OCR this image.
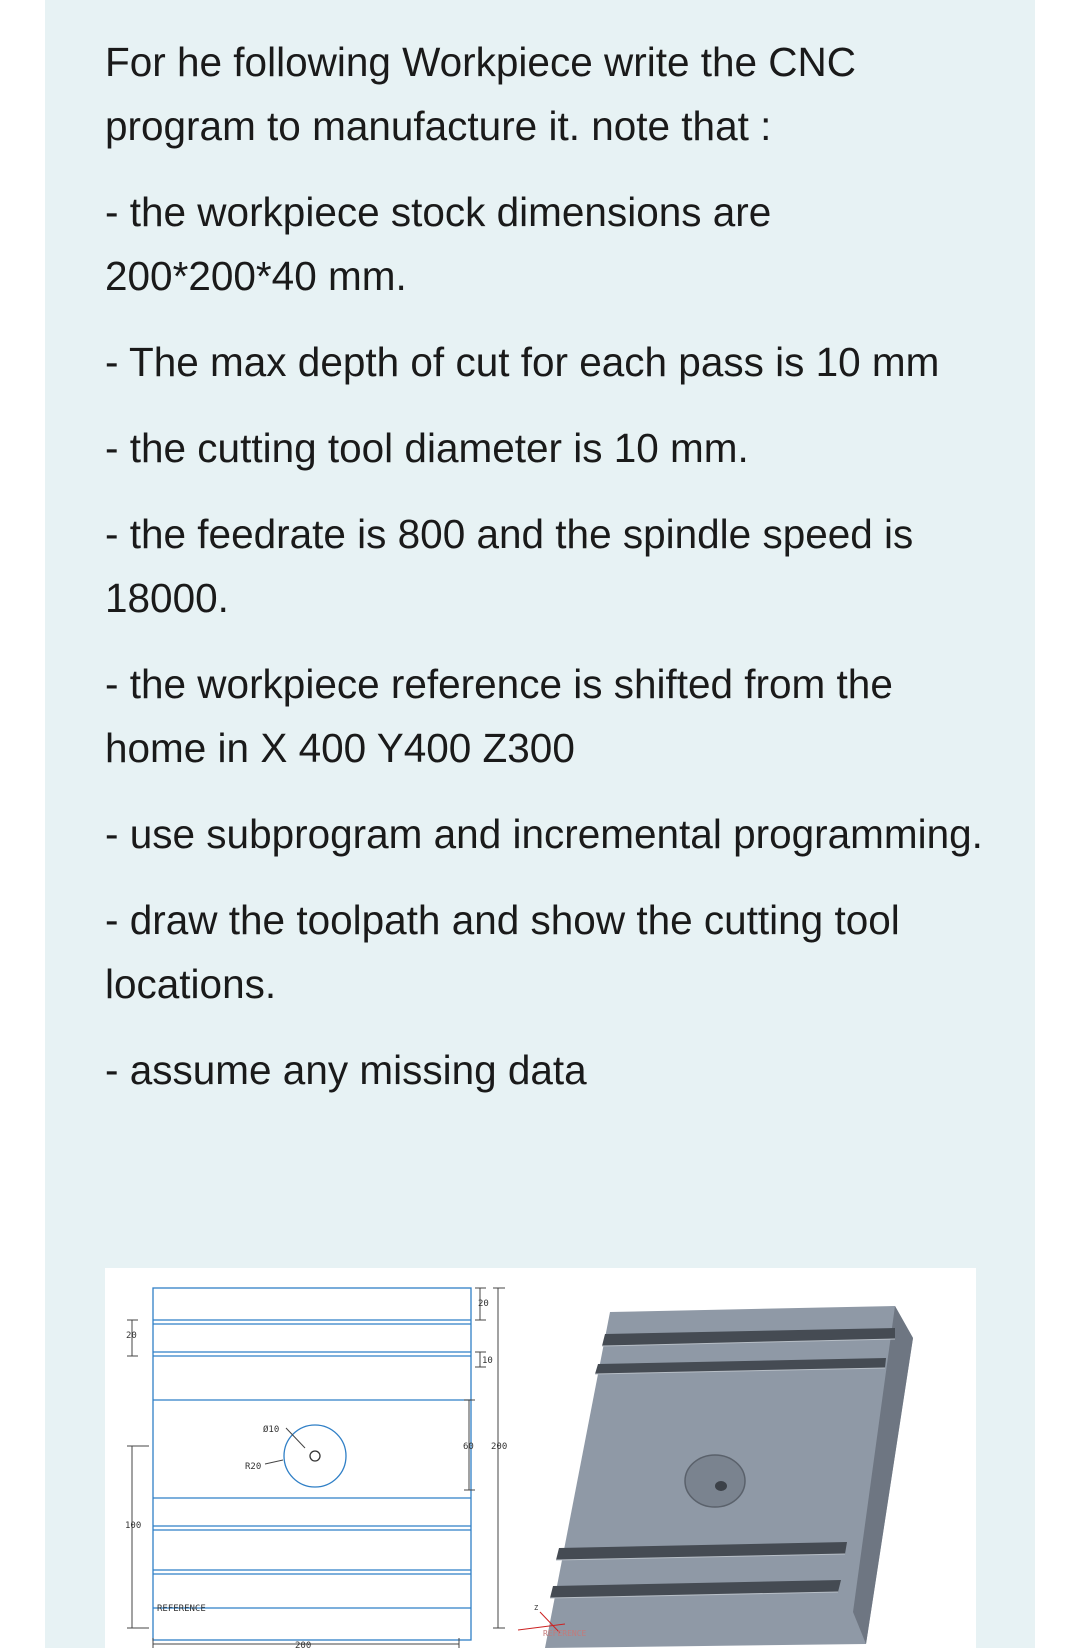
For he following Workpiece write the CNC program to manufacture it. note that :

- the workpiece stock dimensions are 200*200*40 mm.

- The max depth of cut for each pass is 10 mm

- the cutting tool diameter is 10 mm.

- the feedrate is 800 and the spindle speed is 18000.

- the workpiece reference is shifted from the home in X 400 Y400 Z300

- use subprogram and incremental programming.

- draw the toolpath and show the cutting tool locations.

- assume any missing data

20
100
20
10
60 200
200
Ø10
R20
REFERENCE	Z
REFERENCE
